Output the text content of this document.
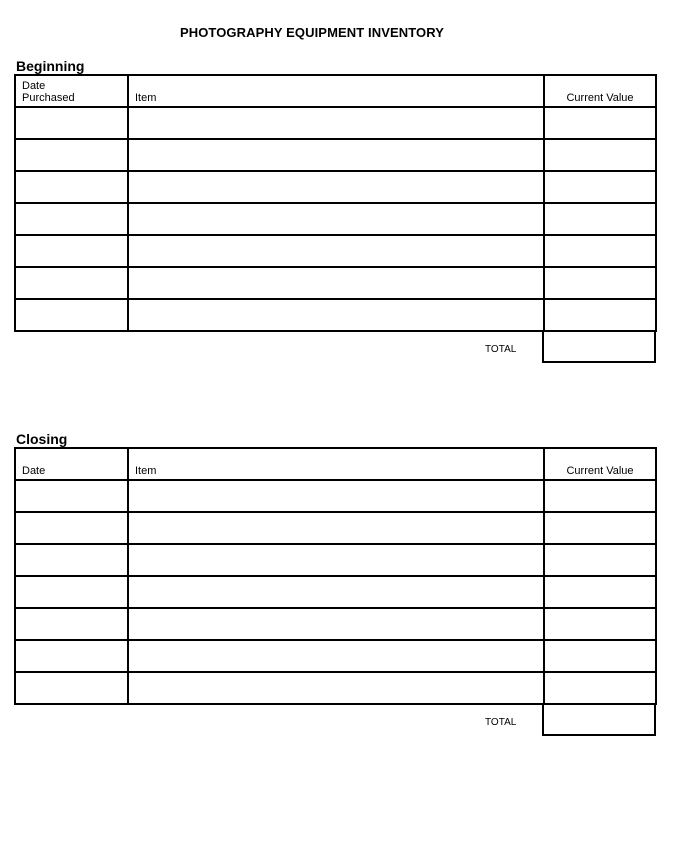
PHOTOGRAPHY EQUIPMENT INVENTORY
Beginning
Date Purchased	Item	Current Value

TOTAL
Closing
Date	Item	Current Value

TOTAL
